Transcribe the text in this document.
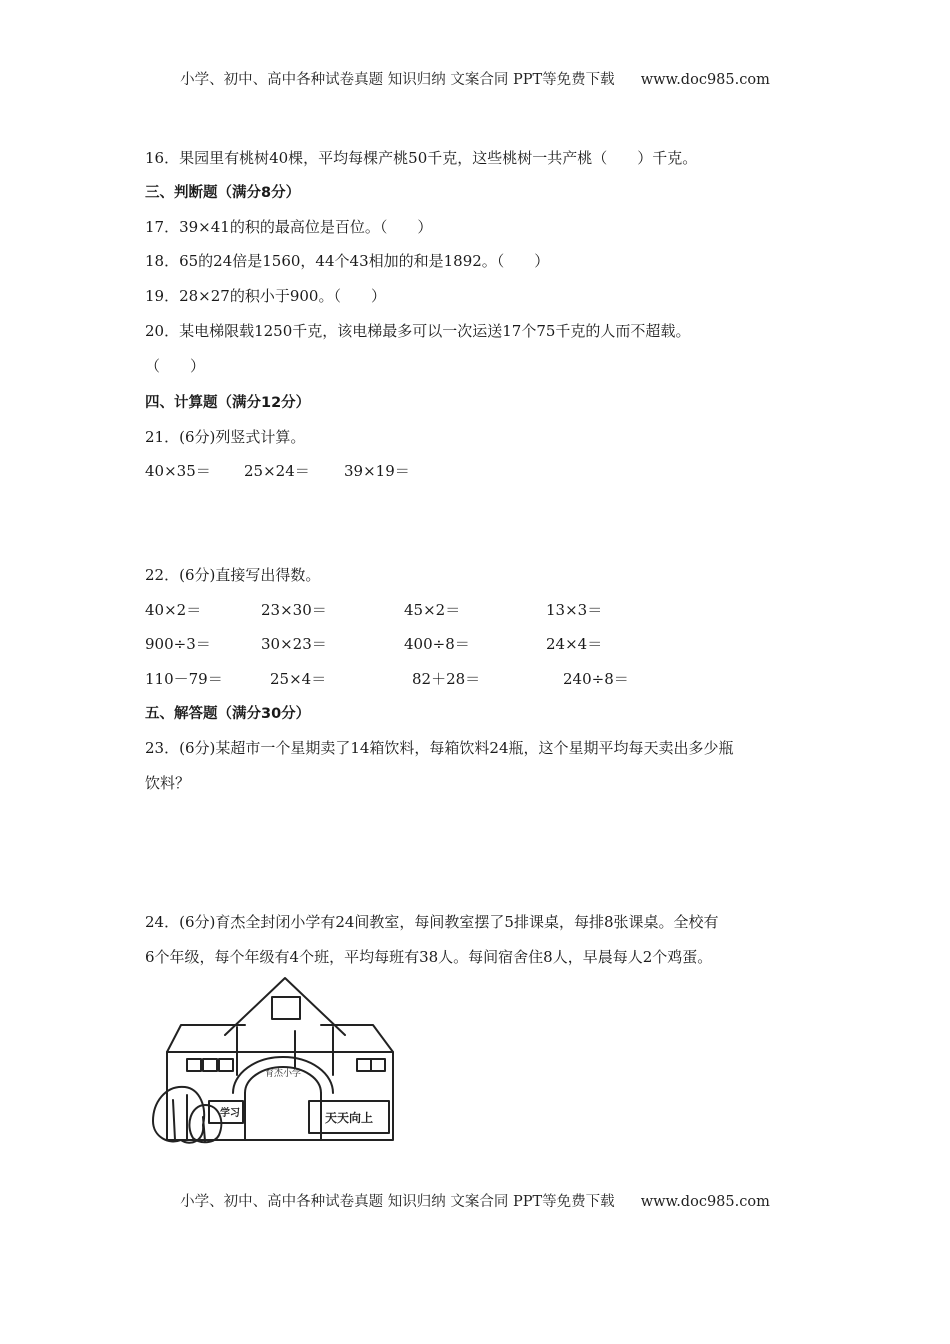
小学、初中、高中各种试卷真题 知识归纳 文案合同 PPT等免费下载 www.doc985.com
16．果园里有桃树40棵，平均每棵产桃50千克，这些桃树一共产桃（　　）千克。
三、判断题（满分8分）
17．39×41的积的最高位是百位。（　　）
18．65的24倍是1560，44个43相加的和是1892。（　　）
19．28×27的积小于900。（　　）
20．某电梯限载1250千克，该电梯最多可以一次运送17个75千克的人而不超载。
（　　）
四、计算题（满分12分）
21．(6分)列竖式计算。
40×35＝ 25×24＝ 39×19＝
22．(6分)直接写出得数。
40×2＝	23×30＝	45×2＝	13×3＝
900÷3＝	30×23＝	400÷8＝	24×4＝
110－79＝	25×4＝	82＋28＝	240÷8＝
五、解答题（满分30分）
23．(6分)某超市一个星期卖了14箱饮料，每箱饮料24瓶，这个星期平均每天卖出多少瓶
饮料？
24．(6分)育杰全封闭小学有24间教室，每间教室摆了5排课桌，每排8张课桌。全校有
6个年级，每个年级有4个班，平均每班有38人。每间宿舍住8人，早晨每人2个鸡蛋。
育杰小学
学习	天天向上
小学、初中、高中各种试卷真题 知识归纳 文案合同 PPT等免费下载 www.doc985.com
